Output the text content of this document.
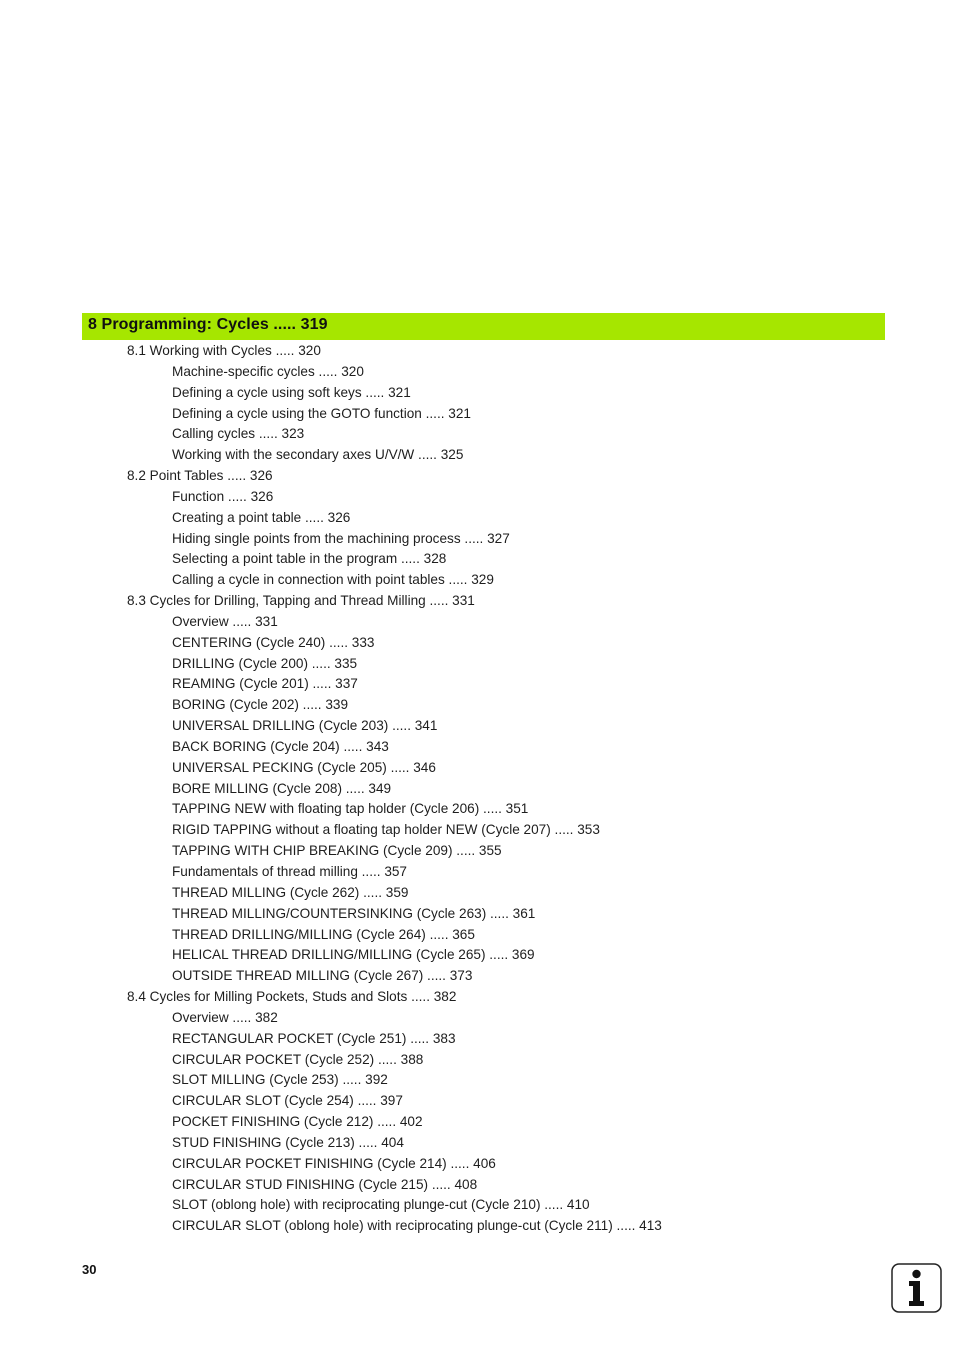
8 Programming: Cycles ..... 319
8.1 Working with Cycles ..... 320
Machine-specific cycles ..... 320
Defining a cycle using soft keys ..... 321
Defining a cycle using the GOTO function ..... 321
Calling cycles ..... 323
Working with the secondary axes U/V/W ..... 325
8.2 Point Tables ..... 326
Function ..... 326
Creating a point table ..... 326
Hiding single points from the machining process ..... 327
Selecting a point table in the program ..... 328
Calling a cycle in connection with point tables ..... 329
8.3 Cycles for Drilling, Tapping and Thread Milling ..... 331
Overview ..... 331
CENTERING (Cycle 240) ..... 333
DRILLING (Cycle 200) ..... 335
REAMING (Cycle 201) ..... 337
BORING (Cycle 202) ..... 339
UNIVERSAL DRILLING (Cycle 203) ..... 341
BACK BORING (Cycle 204) ..... 343
UNIVERSAL PECKING (Cycle 205) ..... 346
BORE MILLING (Cycle 208) ..... 349
TAPPING NEW with floating tap holder (Cycle 206) ..... 351
RIGID TAPPING without a floating tap holder NEW (Cycle 207) ..... 353
TAPPING WITH CHIP BREAKING (Cycle 209) ..... 355
Fundamentals of thread milling ..... 357
THREAD MILLING (Cycle 262) ..... 359
THREAD MILLING/COUNTERSINKING (Cycle 263) ..... 361
THREAD DRILLING/MILLING (Cycle 264) ..... 365
HELICAL THREAD DRILLING/MILLING (Cycle 265) ..... 369
OUTSIDE THREAD MILLING (Cycle 267) ..... 373
8.4 Cycles for Milling Pockets, Studs and Slots ..... 382
Overview ..... 382
RECTANGULAR POCKET (Cycle 251) ..... 383
CIRCULAR POCKET (Cycle 252) ..... 388
SLOT MILLING (Cycle 253) ..... 392
CIRCULAR SLOT (Cycle 254) ..... 397
POCKET FINISHING (Cycle 212) ..... 402
STUD FINISHING (Cycle 213) ..... 404
CIRCULAR POCKET FINISHING (Cycle 214) ..... 406
CIRCULAR STUD FINISHING (Cycle 215) ..... 408
SLOT (oblong hole) with reciprocating plunge-cut (Cycle 210) ..... 410
CIRCULAR SLOT (oblong hole) with reciprocating plunge-cut (Cycle 211) ..... 413
30
